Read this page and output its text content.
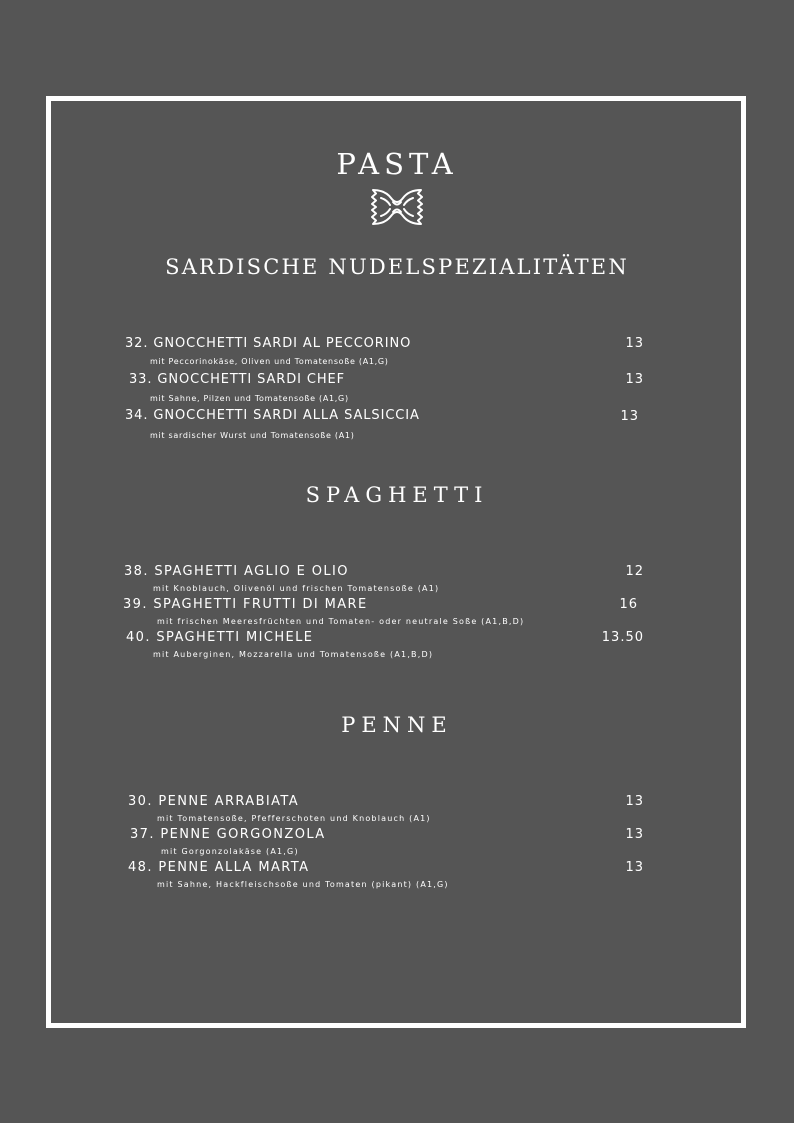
PASTA
SARDISCHE NUDELSPEZIALITÄTEN
32. GNOCCHETTI SARDI AL PECCORINO	13
mit Peccorinokäse, Oliven und Tomatensoße (A1,G)
33. GNOCCHETTI SARDI CHEF	13
mit Sahne, Pilzen und Tomatensoße (A1,G)
34. GNOCCHETTI SARDI ALLA SALSICCIA	13
mit sardischer Wurst und Tomatensoße (A1)
SPAGHETTI
38. SPAGHETTI AGLIO E OLIO	12
mit Knoblauch, Olivenöl und frischen Tomatensoße (A1)
39. SPAGHETTI FRUTTI DI MARE	16
mit frischen Meeresfrüchten und Tomaten- oder neutrale Soße (A1,B,D)
40. SPAGHETTI MICHELE	13.50
mit Auberginen, Mozzarella und Tomatensoße (A1,B,D)
PENNE
30. PENNE ARRABIATA	13
mit Tomatensoße, Pfefferschoten und Knoblauch (A1)
37. PENNE GORGONZOLA	13
mit Gorgonzolakäse (A1,G)
48. PENNE ALLA MARTA	13
mit Sahne, Hackfleischsoße und Tomaten (pikant) (A1,G)
